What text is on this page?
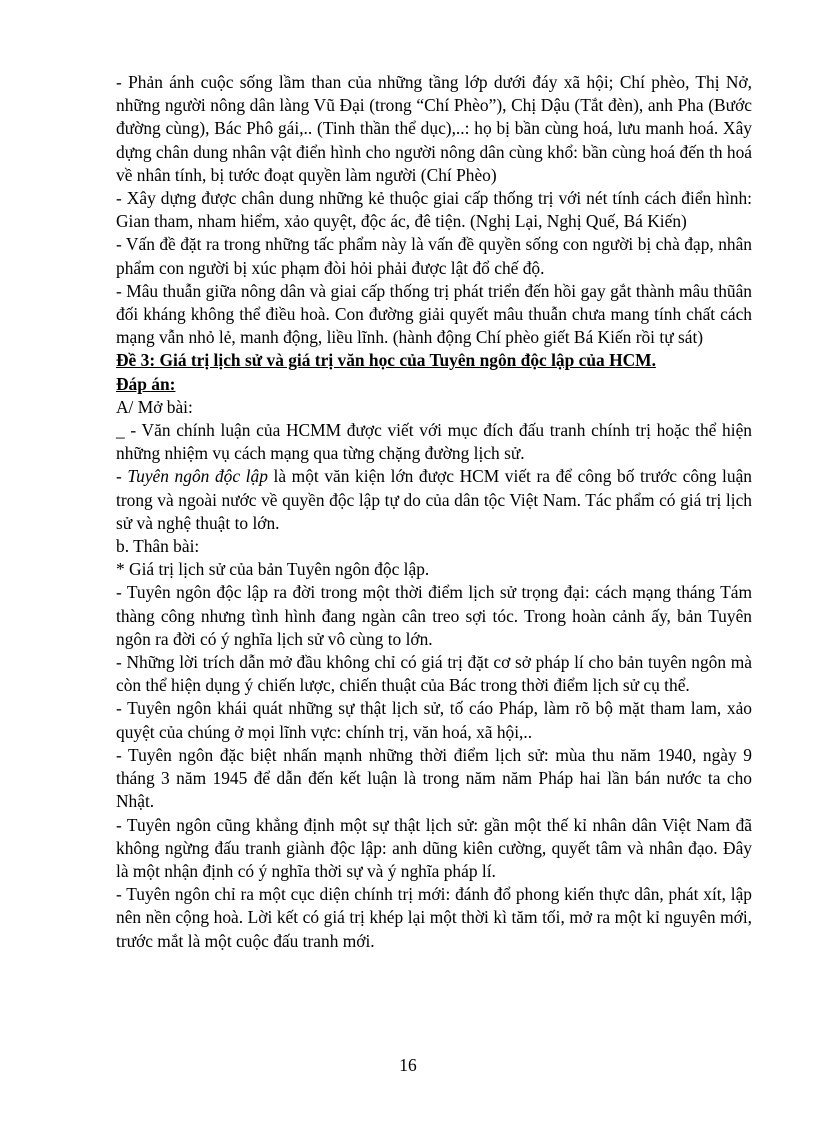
- Phản ánh cuộc sống lầm than của những tầng lớp dưới đáy xã hội; Chí phèo, Thị Nở, những người nông dân làng Vũ Đại (trong “Chí Phèo”), Chị Dậu (Tắt đèn), anh Pha (Bước đường cùng), Bác Phô gái,.. (Tinh thần thể dục),..: họ bị bần cùng hoá, lưu manh hoá. Xây dựng chân dung nhân vật điển hình cho người nông dân cùng khổ: bần cùng hoá đến th hoá về nhân tính, bị tước đoạt quyền làm người (Chí Phèo)

- Xây dựng được chân dung những kẻ thuộc giai cấp thống trị với nét tính cách điển hình: Gian tham, nham hiểm, xảo quyệt, độc ác, đê tiện. (Nghị Lại, Nghị Quế, Bá Kiến)

- Vấn đề đặt ra trong những tấc phẩm này là vấn đề quyền sống con người bị chà đạp, nhân phẩm con người bị xúc phạm đòi hỏi phải được lật đổ chế độ.

- Mâu thuẫn giữa nông dân và giai cấp thống trị phát triển đến hồi gay gắt thành mâu thũân đối kháng không thể điều hoà. Con đường giải quyết mâu thuẫn chưa mang tính chất cách mạng vẫn nhỏ lẻ, manh động, liều lĩnh. (hành động Chí phèo giết Bá Kiến rồi tự sát)

Đề 3: Giá trị lịch sử và giá trị văn học của Tuyên ngôn độc lập của HCM.

Đáp án:

A/ Mở bài:

_ - Văn chính luận của HCMM được viết với mục đích đấu tranh chính trị hoặc thể hiện những nhiệm vụ cách mạng qua từng chặng đường lịch sử.

- Tuyên ngôn độc lập là một văn kiện lớn được HCM viết ra để công bố trước công luận trong và ngoài nước về quyền độc lập tự do của dân tộc Việt Nam. Tác phẩm có giá trị lịch sử và nghệ thuật to lớn.

b. Thân bài:

* Giá trị lịch sử của bản Tuyên ngôn độc lập.

- Tuyên ngôn độc lập ra đời trong một thời điểm lịch sử trọng đại: cách mạng tháng Tám thàng công nhưng tình hình đang ngàn cân treo sợi tóc. Trong hoàn cảnh ấy, bản Tuyên ngôn ra đời có ý nghĩa lịch sử vô cùng to lớn.

- Những lời trích dẫn mở đầu không chỉ có giá trị đặt cơ sở pháp lí cho bản tuyên ngôn mà còn thể hiện dụng ý chiến lược, chiến thuật của Bác trong thời điểm lịch sử cụ thể.

- Tuyên ngôn khái quát những sự thật lịch sử, tố cáo Pháp, làm rõ bộ mặt tham lam, xảo quyệt của chúng ở mọi lĩnh vực: chính trị, văn hoá, xã hội,..

- Tuyên ngôn đặc biệt nhấn mạnh những thời điểm lịch sử: mùa thu năm 1940, ngày 9 tháng 3 năm 1945 để dẫn đến kết luận là trong năm năm Pháp hai lần bán nước ta cho Nhật.

- Tuyên ngôn cũng khẳng định một sự thật lịch sử: gần một thế kỉ nhân dân Việt Nam đã không ngừng đấu tranh giành độc lập: anh dũng kiên cường, quyết tâm và nhân đạo. Đây là một nhận định có ý nghĩa thời sự và ý nghĩa pháp lí.

- Tuyên ngôn chỉ ra một cục diện chính trị mới: đánh đổ phong kiến thực dân, phát xít, lập nên nền cộng hoà. Lời kết có giá trị khép lại một thời kì tăm tối, mở ra một kỉ nguyên mới, trước mắt là một cuộc đấu tranh mới.

16
